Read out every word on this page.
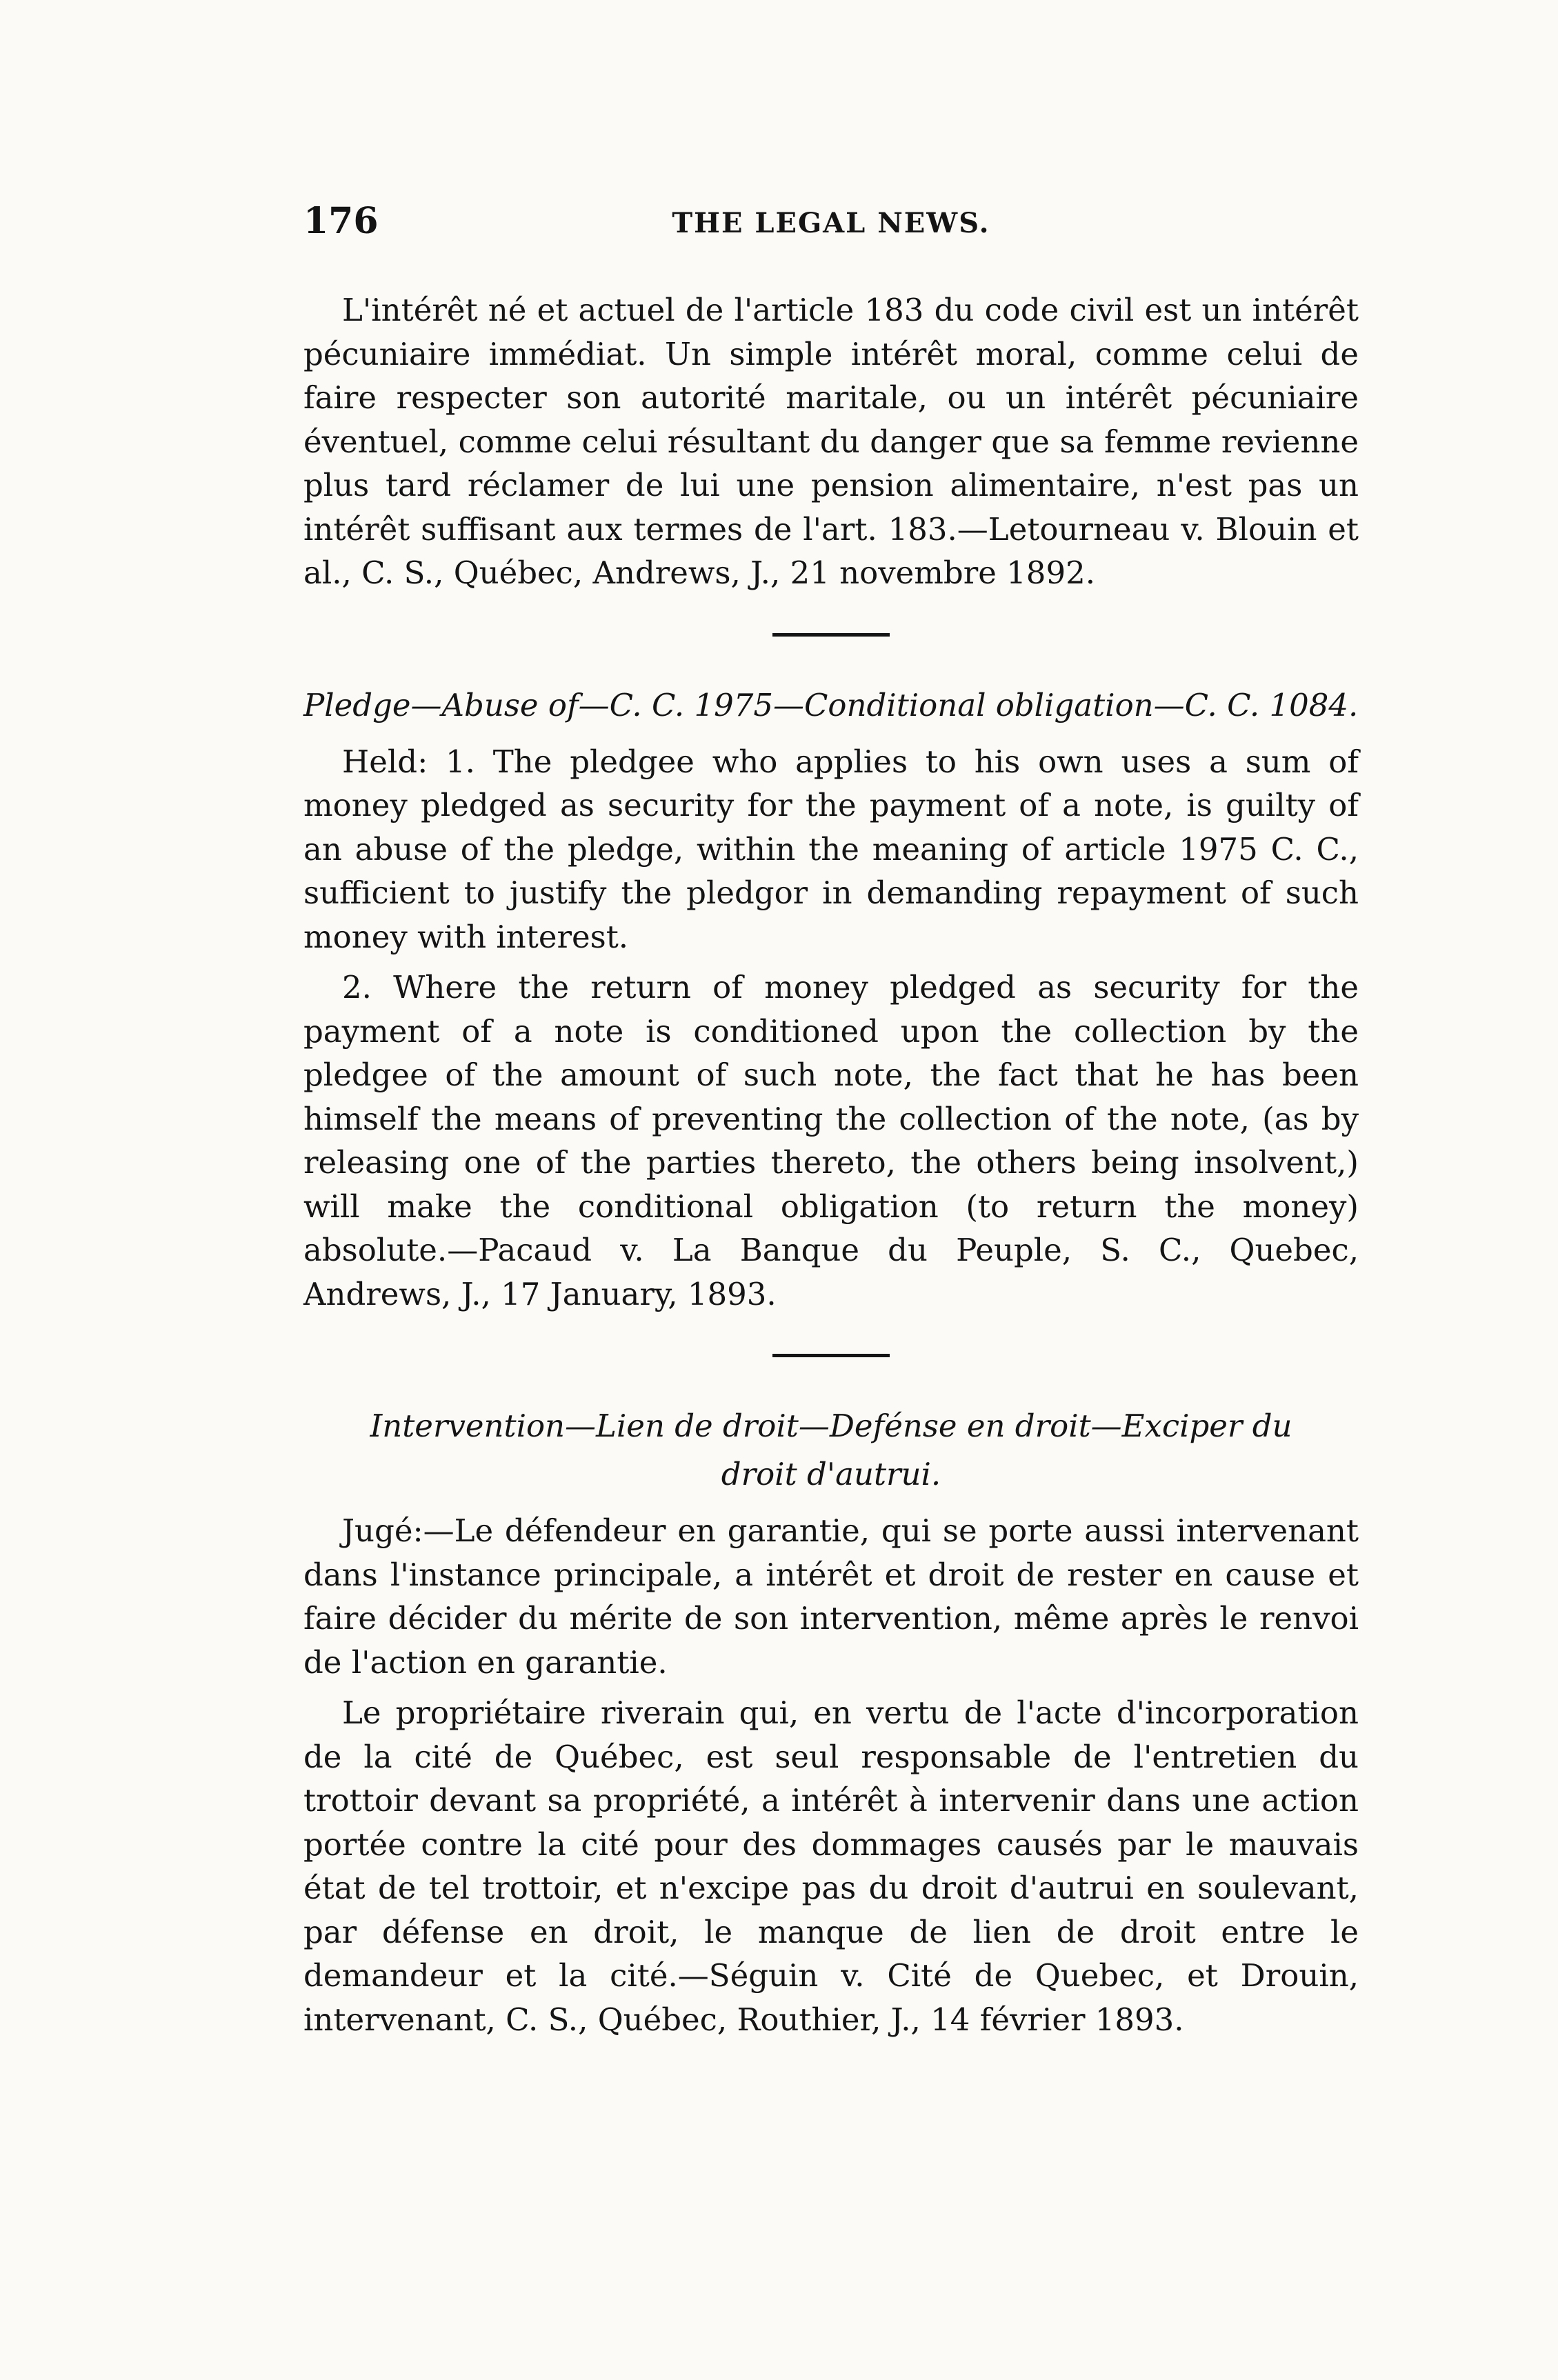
176	THE LEGAL NEWS.

L'intérêt né et actuel de l'article 183 du code civil est un intérêt pécuniaire immédiat. Un simple intérêt moral, comme celui de faire respecter son autorité maritale, ou un intérêt pécuniaire éventuel, comme celui résultant du danger que sa femme revienne plus tard réclamer de lui une pension alimentaire, n'est pas un intérêt suffisant aux termes de l'art. 183.—Letourneau v. Blouin et al., C. S., Québec, Andrews, J., 21 novembre 1892.

Pledge—Abuse of—C. C. 1975—Conditional obligation—C. C. 1084.

Held: 1. The pledgee who applies to his own uses a sum of money pledged as security for the payment of a note, is guilty of an abuse of the pledge, within the meaning of article 1975 C. C., sufficient to justify the pledgor in demanding repayment of such money with interest.

2. Where the return of money pledged as security for the payment of a note is conditioned upon the collection by the pledgee of the amount of such note, the fact that he has been himself the means of preventing the collection of the note, (as by releasing one of the parties thereto, the others being insolvent,) will make the conditional obligation (to return the money) absolute.—Pacaud v. La Banque du Peuple, S. C., Quebec, Andrews, J., 17 January, 1893.

Intervention—Lien de droit—Defénse en droit—Exciper du

droit d'autrui.

Jugé:—Le défendeur en garantie, qui se porte aussi intervenant dans l'instance principale, a intérêt et droit de rester en cause et faire décider du mérite de son intervention, même après le renvoi de l'action en garantie.

Le propriétaire riverain qui, en vertu de l'acte d'incorporation de la cité de Québec, est seul responsable de l'entretien du trottoir devant sa propriété, a intérêt à intervenir dans une action portée contre la cité pour des dommages causés par le mauvais état de tel trottoir, et n'excipe pas du droit d'autrui en soulevant, par défense en droit, le manque de lien de droit entre le demandeur et la cité.—Séguin v. Cité de Quebec, et Drouin, intervenant, C. S., Québec, Routhier, J., 14 février 1893.
